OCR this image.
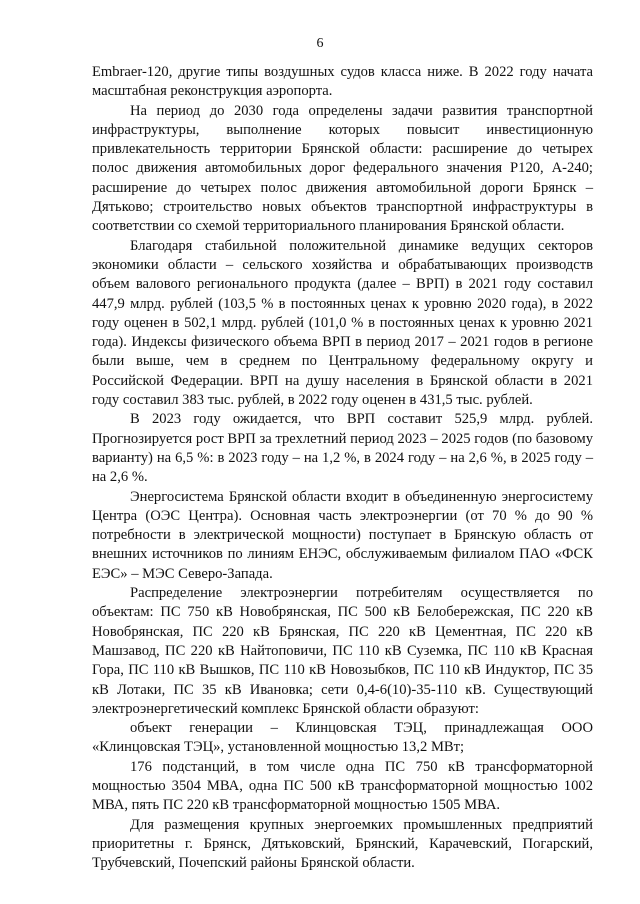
6

Embraer-120, другие типы воздушных судов класса ниже. В 2022 году начата масштабная реконструкция аэропорта.

На период до 2030 года определены задачи развития транспортной инфраструктуры, выполнение которых повысит инвестиционную привлекательность территории Брянской области: расширение до четырех полос движения автомобильных дорог федерального значения Р120, А-240; расширение до четырех полос движения автомобильной дороги Брянск – Дятьково; строительство новых объектов транспортной инфраструктуры в соответствии со схемой территориального планирования Брянской области.

Благодаря стабильной положительной динамике ведущих секторов экономики области – сельского хозяйства и обрабатывающих производств объем валового регионального продукта (далее – ВРП) в 2021 году составил 447,9 млрд. рублей (103,5 % в постоянных ценах к уровню 2020 года), в 2022 году оценен в 502,1 млрд. рублей (101,0 % в постоянных ценах к уровню 2021 года). Индексы физического объема ВРП в период 2017 – 2021 годов в регионе были выше, чем в среднем по Центральному федеральному округу и Российской Федерации. ВРП на душу населения в Брянской области в 2021 году составил 383 тыс. рублей, в 2022 году оценен в 431,5 тыс. рублей.

В 2023 году ожидается, что ВРП составит 525,9 млрд. рублей. Прогнозируется рост ВРП за трехлетний период 2023 – 2025 годов (по базовому варианту) на 6,5 %: в 2023 году – на 1,2 %, в 2024 году – на 2,6 %, в 2025 году – на 2,6 %.

Энергосистема Брянской области входит в объединенную энергосистему Центра (ОЭС Центра). Основная часть электроэнергии (от 70 % до 90 % потребности в электрической мощности) поступает в Брянскую область от внешних источников по линиям ЕНЭС, обслуживаемым филиалом ПАО «ФСК ЕЭС» – МЭС Северо-Запада.

Распределение электроэнергии потребителям осуществляется по объектам: ПС 750 кВ Новобрянская, ПС 500 кВ Белобережская, ПС 220 кВ Новобрянская, ПС 220 кВ Брянская, ПС 220 кВ Цементная, ПС 220 кВ Машзавод, ПС 220 кВ Найтоповичи, ПС 110 кВ Суземка, ПС 110 кВ Красная Гора, ПС 110 кВ Вышков, ПС 110 кВ Новозыбков, ПС 110 кВ Индуктор, ПС 35 кВ Лотаки, ПС 35 кВ Ивановка; сети 0,4-6(10)-35-110 кВ. Существующий электроэнергетический комплекс Брянской области образуют:

объект генерации – Клинцовская ТЭЦ, принадлежащая ООО «Клинцовская ТЭЦ», установленной мощностью 13,2 МВт;

176 подстанций, в том числе одна ПС 750 кВ трансформаторной мощностью 3504 МВА, одна ПС 500 кВ трансформаторной мощностью 1002 МВА, пять ПС 220 кВ трансформаторной мощностью 1505 МВА.

Для размещения крупных энергоемких промышленных предприятий приоритетны г. Брянск, Дятьковский, Брянский, Карачевский, Погарский, Трубчевский, Почепский районы Брянской области.
